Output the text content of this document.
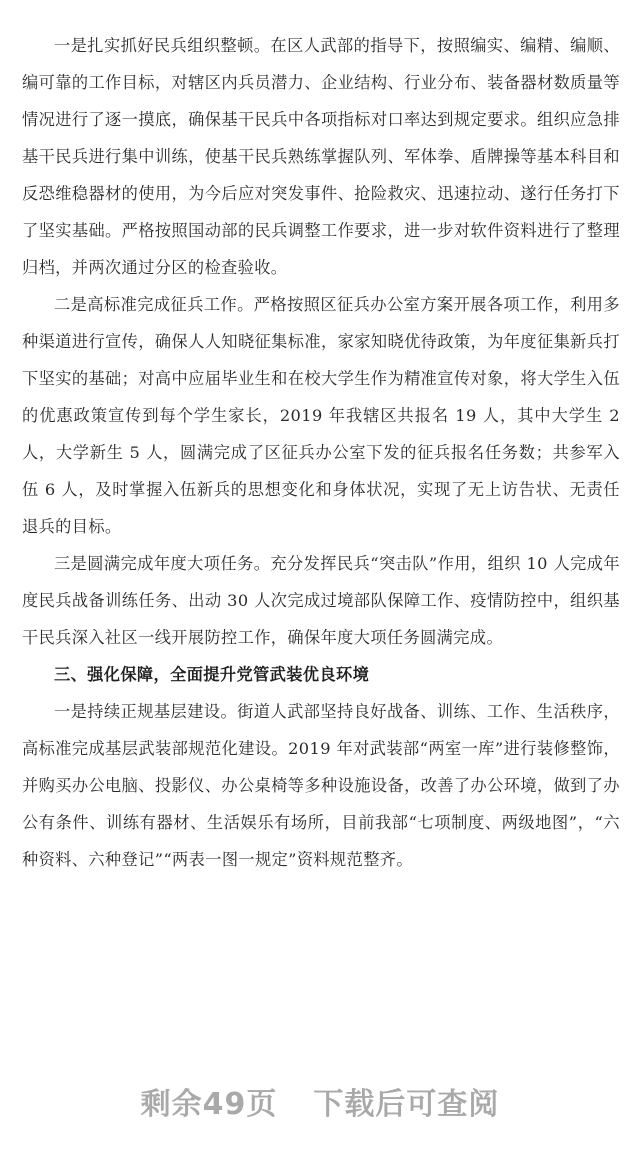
一是扎实抓好民兵组织整顿。在区人武部的指导下，按照编实、编精、编顺、编可靠的工作目标，对辖区内兵员潜力、企业结构、行业分布、装备器材数质量等情况进行了逐一摸底，确保基干民兵中各项指标对口率达到规定要求。组织应急排基干民兵进行集中训练，使基干民兵熟练掌握队列、军体拳、盾牌操等基本科目和反恐维稳器材的使用，为今后应对突发事件、抢险救灾、迅速拉动、遂行任务打下了坚实基础。严格按照国动部的民兵调整工作要求，进一步对软件资料进行了整理归档，并两次通过分区的检查验收。

二是高标准完成征兵工作。严格按照区征兵办公室方案开展各项工作，利用多种渠道进行宣传，确保人人知晓征集标准，家家知晓优待政策，为年度征集新兵打下坚实的基础；对高中应届毕业生和在校大学生作为精准宣传对象，将大学生入伍的优惠政策宣传到每个学生家长，2019 年我辖区共报名 19 人，其中大学生 2 人，大学新生 5 人，圆满完成了区征兵办公室下发的征兵报名任务数；共参军入伍 6 人，及时掌握入伍新兵的思想变化和身体状况，实现了无上访告状、无责任退兵的目标。

三是圆满完成年度大项任务。充分发挥民兵“突击队”作用，组织 10 人完成年度民兵战备训练任务、出动 30 人次完成过境部队保障工作、疫情防控中，组织基干民兵深入社区一线开展防控工作，确保年度大项任务圆满完成。

三、强化保障，全面提升党管武装优良环境

一是持续正规基层建设。街道人武部坚持良好战备、训练、工作、生活秩序，高标准完成基层武装部规范化建设。2019 年对武装部“两室一库”进行装修整饰，并购买办公电脑、投影仪、办公桌椅等多种设施设备，改善了办公环境，做到了办公有条件、训练有器材、生活娱乐有场所，目前我部“七项制度、两级地图”，“六种资料、六种登记”“两表一图一规定”资料规范整齐。

剩余49页 下载后可查阅
